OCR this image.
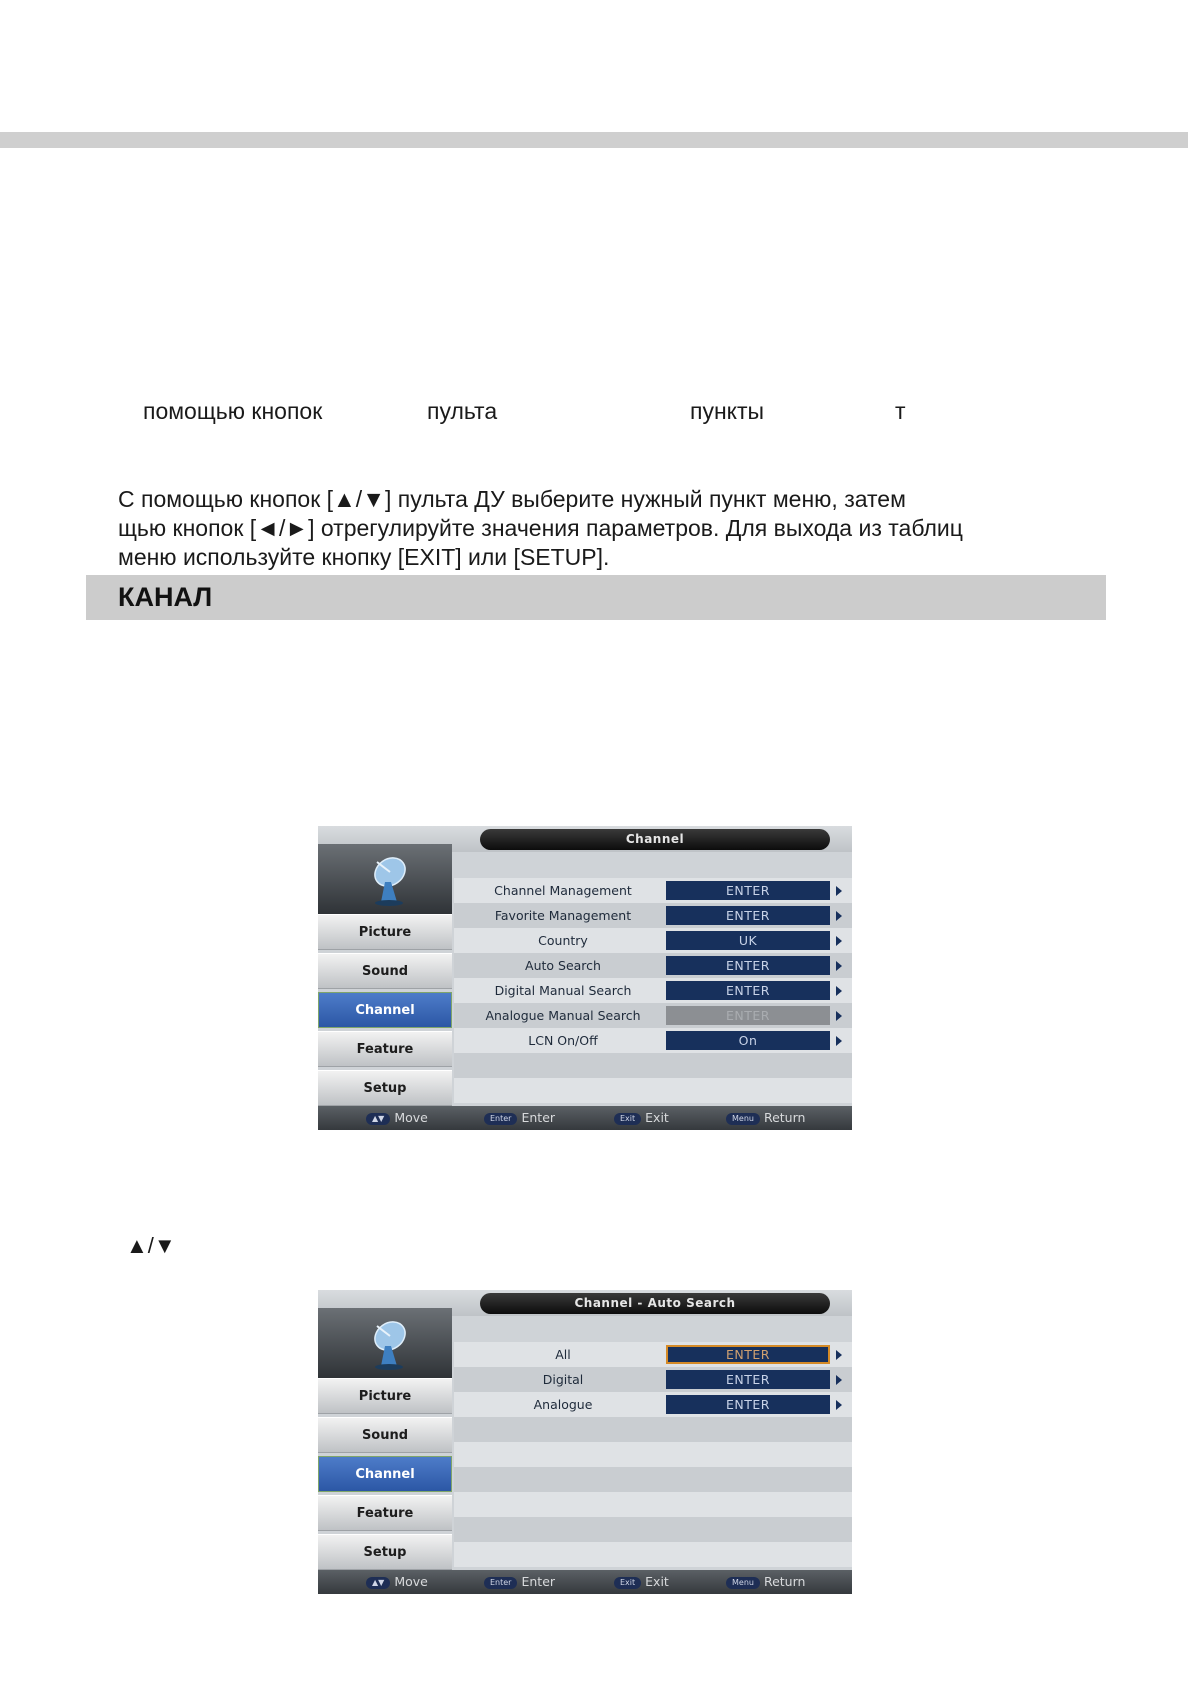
помощью кнопок	пульта	пункты	т
С помощью кнопок [▲/▼] пульта ДУ выберите нужный пункт меню, затем
щью кнопок [◄/►] отрегулируйте значения параметров. Для выхода из таблиц
меню используйте кнопку [EXIT] или [SETUP].
КАНАЛ
Channel
Picture
Sound
Channel
Feature
Setup
Channel Management	ENTER
Favorite Management	ENTER
Country	UK
Auto Search	ENTER
Digital Manual Search	ENTER
Analogue Manual Search	ENTER
LCN On/Off	On
▲▼ Move	Enter Enter	Exit Exit	Menu Return
▲/▼
Channel - Auto Search
Picture
Sound
Channel
Feature
Setup
All	ENTER
Digital	ENTER
Analogue	ENTER
▲▼ Move	Enter Enter	Exit Exit	Menu Return
